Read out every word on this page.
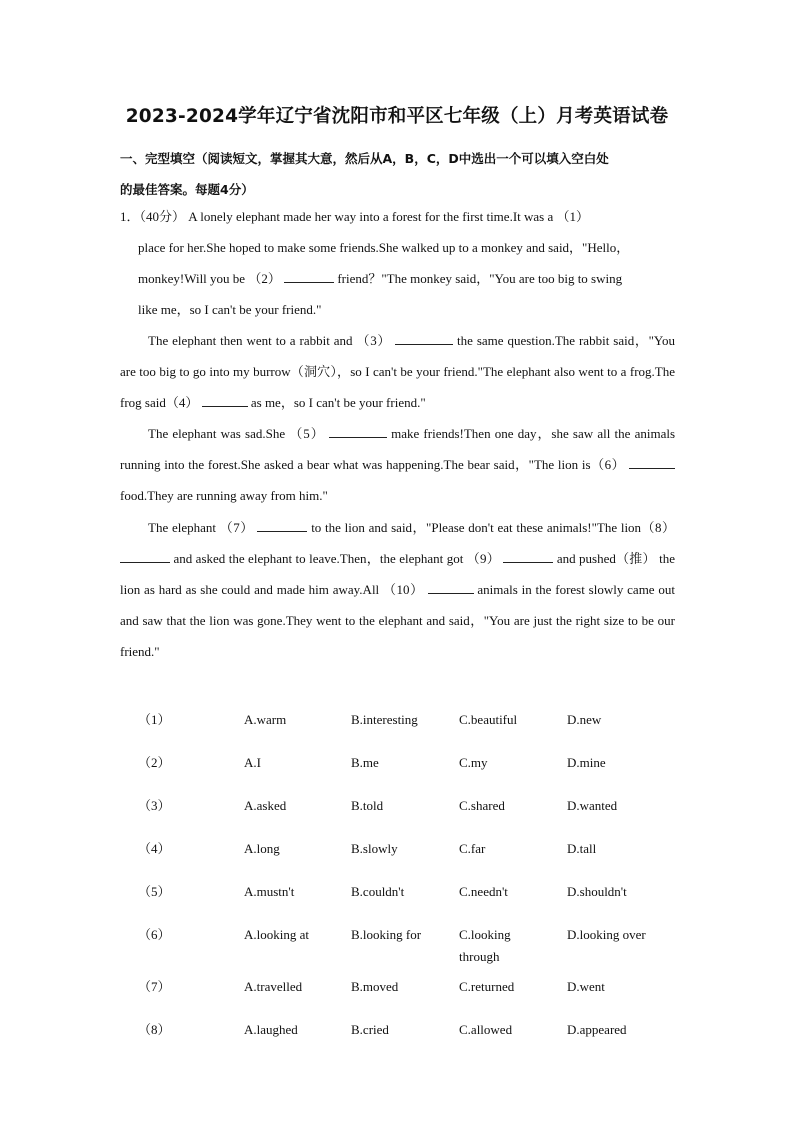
2023-2024学年辽宁省沈阳市和平区七年级（上）月考英语试卷
一、完型填空（阅读短文，掌握其大意，然后从A，B，C，D中选出一个可以填入空白处
的最佳答案。每题4分）
1．（40分） A lonely elephant made her way into a forest for the first time.It was a （1）
place for her.She hoped to make some friends.She walked up to a monkey and said，"Hello，
monkey!Will you be （2）	friend？"The monkey said，"You are too big to swing
like me，so I can't be your friend."
The elephant then went to a rabbit and （3）	the same question.The rabbit said，"You are too big to go into my burrow（洞穴），so I can't be your friend."The elephant also went to a frog.The frog said（4）	as me，so I can't be your friend."
The elephant was sad.She （5）	make friends!Then one day，she saw all the animals running into the forest.She asked a bear what was happening.The bear said，"The lion is（6） food.They are running away from him."
The elephant （7）	to the lion and said，"Please don't eat these animals!"The lion（8）  and asked the elephant to leave.Then，the elephant got （9）	and pushed（推） the lion as hard as she could and made him away.All （10）	animals in the forest slowly came out and saw that the lion was gone.They went to the elephant and said，"You are just the right size to be our friend."
（1）	A.warm	B.interesting	C.beautiful	D.new
（2）	A.I	B.me	C.my	D.mine
（3）	A.asked	B.told	C.shared	D.wanted
（4）	A.long	B.slowly	C.far	D.tall
（5）	A.mustn't	B.couldn't	C.needn't	D.shouldn't
（6）	A.looking at	B.looking for	C.looking through	D.looking over
（7）	A.travelled	B.moved	C.returned	D.went
（8）	A.laughed	B.cried	C.allowed	D.appeared
